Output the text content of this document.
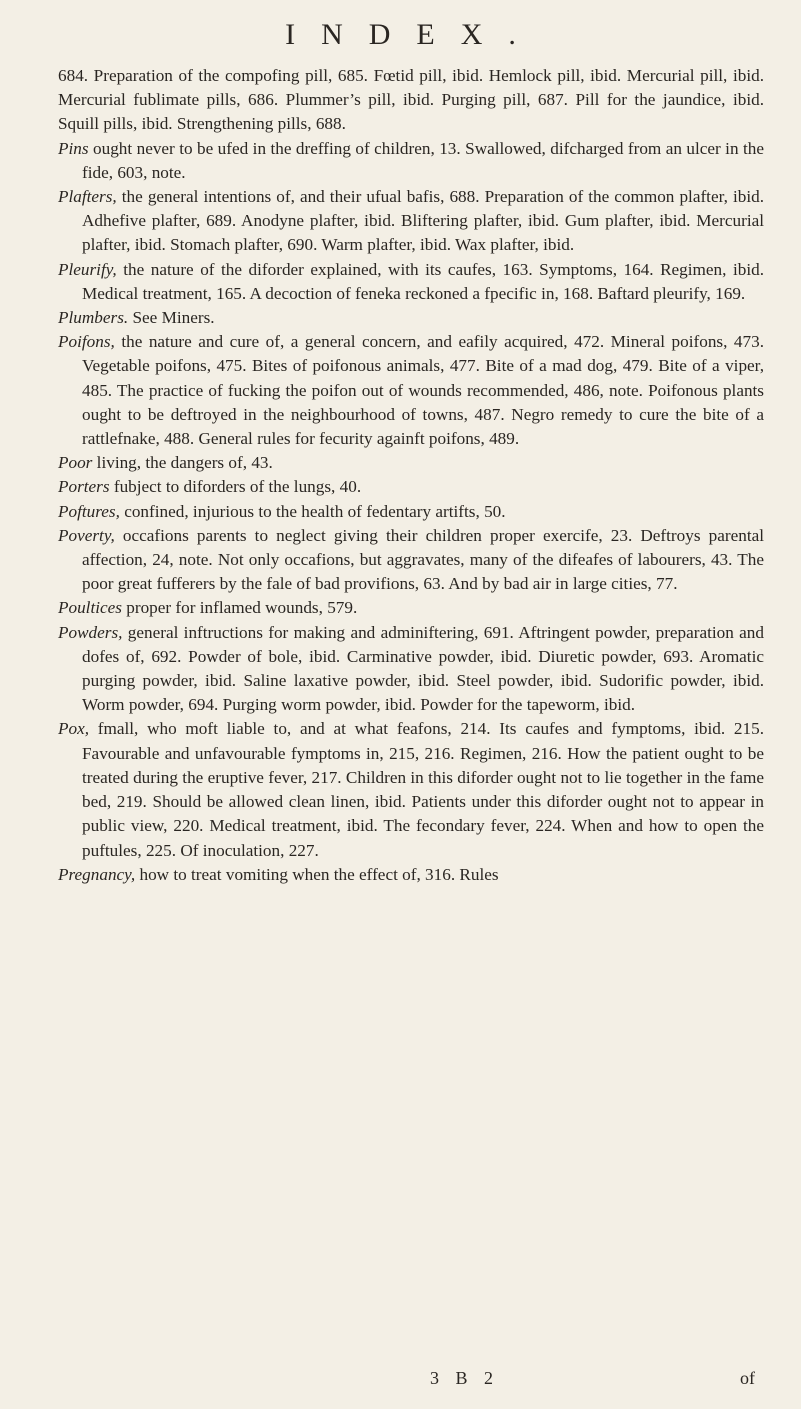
INDEX.

684. Preparation of the compofing pill, 685. Fœtid pill, ibid. Hemlock pill, ibid. Mercurial pill, ibid. Mercurial fublimate pills, 686. Plummer’s pill, ibid. Purging pill, 687. Pill for the jaundice, ibid. Squill pills, ibid. Strengthening pills, 688.

Pins ought never to be ufed in the dreffing of children, 13. Swallowed, difcharged from an ulcer in the fide, 603, note.

Plafters, the general intentions of, and their ufual bafis, 688. Preparation of the common plafter, ibid. Adhefive plafter, 689. Anodyne plafter, ibid. Bliftering plafter, ibid. Gum plafter, ibid. Mercurial plafter, ibid. Stomach plafter, 690. Warm plafter, ibid. Wax plafter, ibid.

Pleurify, the nature of the diforder explained, with its caufes, 163. Symptoms, 164. Regimen, ibid. Medical treatment, 165. A decoction of feneka reckoned a fpecific in, 168. Baftard pleurify, 169.

Plumbers. See Miners.

Poifons, the nature and cure of, a general concern, and eafily acquired, 472. Mineral poifons, 473. Vegetable poifons, 475. Bites of poifonous animals, 477. Bite of a mad dog, 479. Bite of a viper, 485. The practice of fucking the poifon out of wounds recommended, 486, note. Poifonous plants ought to be deftroyed in the neighbourhood of towns, 487. Negro remedy to cure the bite of a rattlefnake, 488. General rules for fecurity againft poifons, 489.

Poor living, the dangers of, 43.

Porters fubject to diforders of the lungs, 40.

Poftures, confined, injurious to the health of fedentary artifts, 50.

Poverty, occafions parents to neglect giving their children proper exercife, 23. Deftroys parental affection, 24, note. Not only occafions, but aggravates, many of the difeafes of labourers, 43. The poor great fufferers by the fale of bad provifions, 63. And by bad air in large cities, 77.

Poultices proper for inflamed wounds, 579.

Powders, general inftructions for making and adminiftering, 691. Aftringent powder, preparation and dofes of, 692. Powder of bole, ibid. Carminative powder, ibid. Diuretic powder, 693. Aromatic purging powder, ibid. Saline laxative powder, ibid. Steel powder, ibid. Sudorific powder, ibid. Worm powder, 694. Purging worm powder, ibid. Powder for the tapeworm, ibid.

Pox, fmall, who moft liable to, and at what feafons, 214. Its caufes and fymptoms, ibid. 215. Favourable and unfavourable fymptoms in, 215, 216. Regimen, 216. How the patient ought to be treated during the eruptive fever, 217. Children in this diforder ought not to lie together in the fame bed, 219. Should be allowed clean linen, ibid. Patients under this diforder ought not to appear in public view, 220. Medical treatment, ibid. The fecondary fever, 224. When and how to open the puftules, 225. Of inoculation, 227.

Pregnancy, how to treat vomiting when the effect of, 316. Rules

3 B 2	of
